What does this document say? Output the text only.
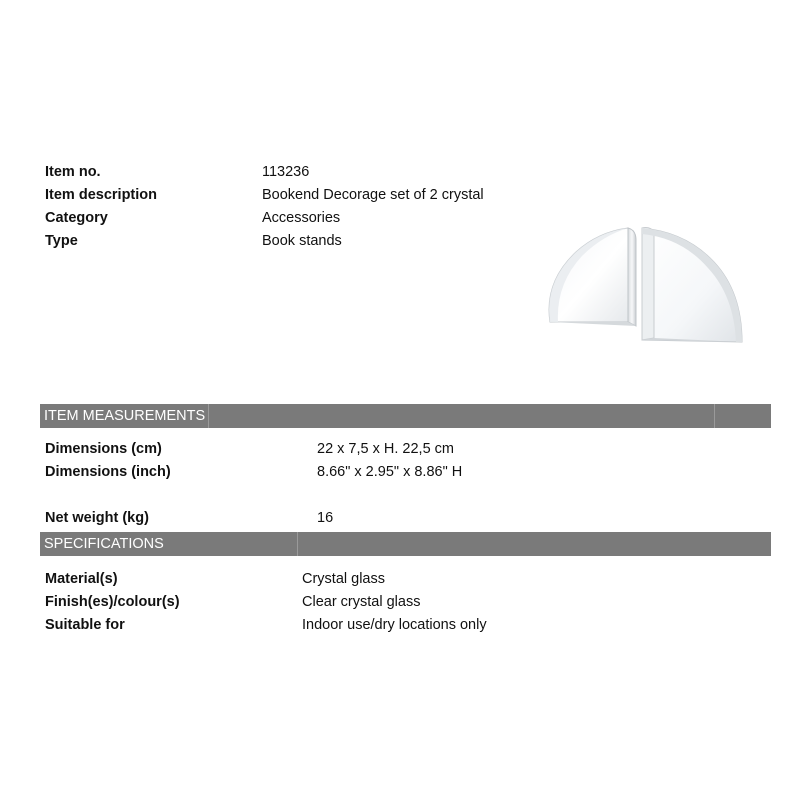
Item no.	113236
Item description	Bookend Decorage set of 2 crystal
Category	Accessories
Type	Book stands
ITEM MEASUREMENTS
Dimensions (cm)	22 x 7,5 x H. 22,5 cm
Dimensions (inch)	8.66" x 2.95" x 8.86" H
Net weight (kg)	16
SPECIFICATIONS
Material(s)	Crystal glass
Finish(es)/colour(s)	Clear crystal glass
Suitable for	Indoor use/dry locations only
